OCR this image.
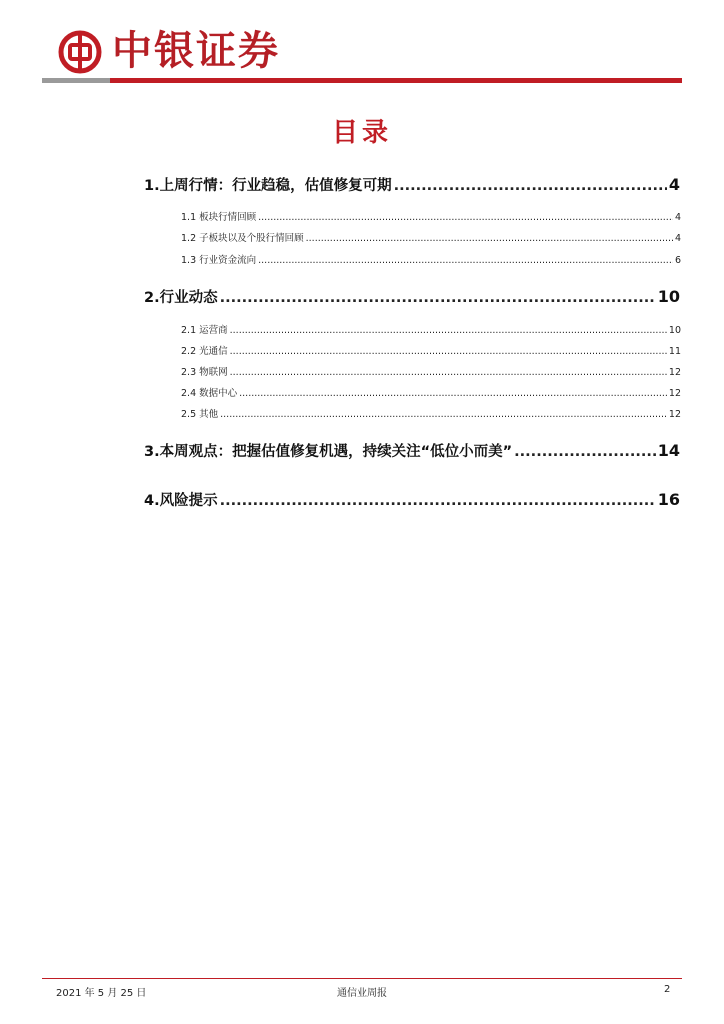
中银证券
目录
1.上周行情：行业趋稳，估值修复可期 .....	4
1.1 板块行情回顾 .....	4
1.2 子板块以及个股行情回顾 .....	4
1.3 行业资金流向 .....	6
2.行业动态 .....	10
2.1 运营商 .....	10
2.2 光通信 .....	11
2.3 物联网 .....	12
2.4 数据中心 .....	12
2.5 其他 .....	12
3.本周观点：把握估值修复机遇，持续关注“低位小而美” .....	14
4.风险提示 .....	16
2021 年 5 月 25 日	通信业周报	2
